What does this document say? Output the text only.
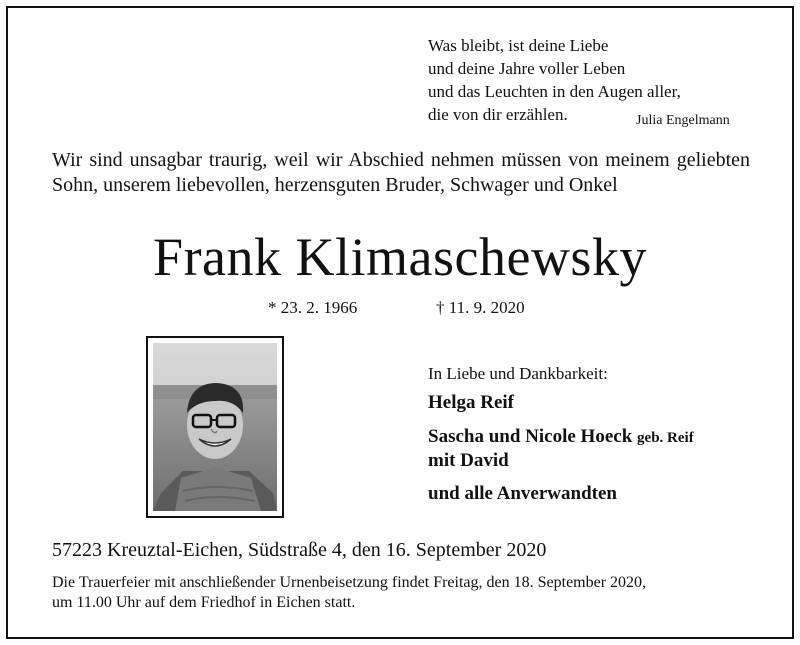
Was bleibt, ist deine Liebe
und deine Jahre voller Leben
und das Leuchten in den Augen aller,
die von dir erzählen.	Julia Engelmann
Wir sind unsagbar traurig, weil wir Abschied nehmen müssen von meinem geliebten Sohn, unserem liebevollen, herzensguten Bruder, Schwager und Onkel
Frank Klimaschewsky
* 23. 2. 1966	† 11. 9. 2020
In Liebe und Dankbarkeit:
Helga Reif
Sascha und Nicole Hoeck geb. Reif
mit David
und alle Anverwandten
57223 Kreuztal-Eichen, Südstraße 4, den 16. September 2020
Die Trauerfeier mit anschließender Urnenbeisetzung findet Freitag, den 18. September 2020,
um 11.00 Uhr auf dem Friedhof in Eichen statt.
